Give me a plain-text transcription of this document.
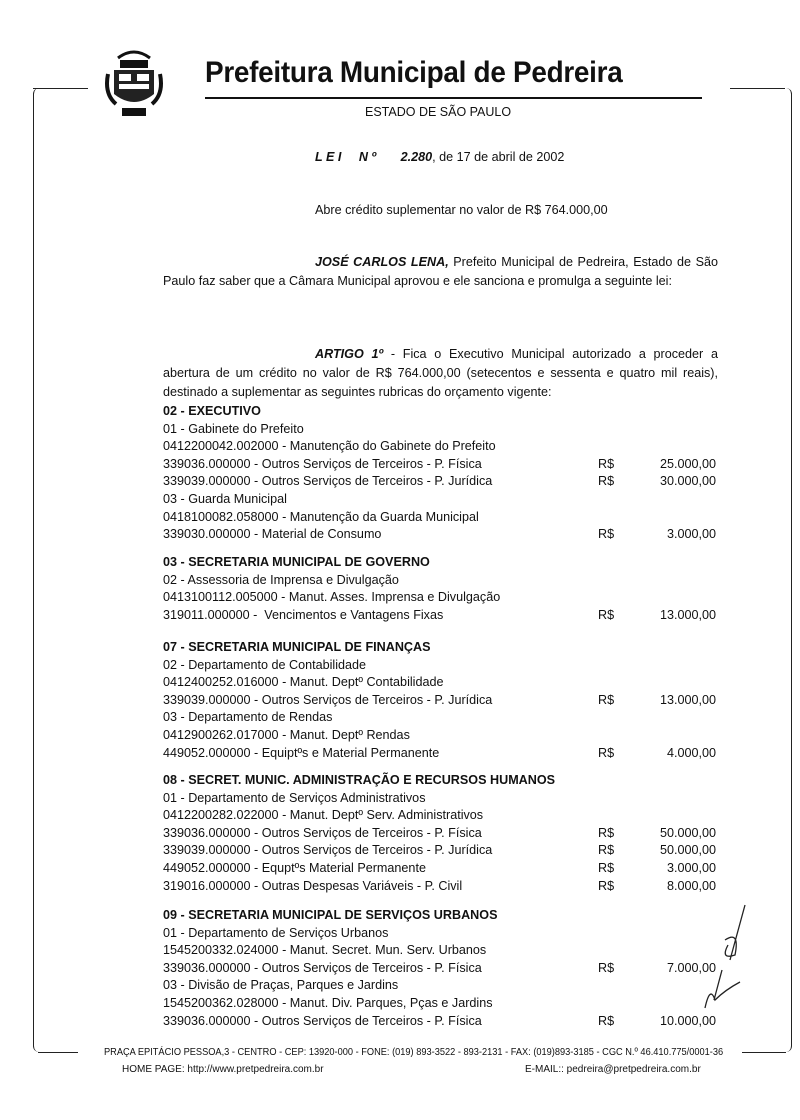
Prefeitura Municipal de Pedreira
ESTADO DE SÃO PAULO
L E I     N º 2.280, de 17 de abril de 2002
Abre crédito suplementar no valor de R$ 764.000,00
JOSÉ CARLOS LENA, Prefeito Municipal de Pedreira, Estado de São Paulo faz saber que a Câmara Municipal aprovou e ele sanciona e promulga a seguinte lei:
ARTIGO 1º - Fica o Executivo Municipal autorizado a proceder a abertura de um crédito no valor de R$ 764.000,00 (setecentos e sessenta e quatro mil reais), destinado a suplementar as seguintes rubricas do orçamento vigente:
02 - EXECUTIVO
01 - Gabinete do Prefeito
0412200042.002000 - Manutenção do Gabinete do Prefeito
339036.000000 - Outros Serviços de Terceiros - P. Física	R$	25.000,00
339039.000000 - Outros Serviços de Terceiros - P. Jurídica	R$	30.000,00
03 - Guarda Municipal
0418100082.058000 - Manutenção da Guarda Municipal
339030.000000 - Material de Consumo	R$	3.000,00
03 - SECRETARIA MUNICIPAL DE GOVERNO
02 - Assessoria de Imprensa e Divulgação
0413100112.005000 - Manut. Asses. Imprensa e Divulgação
319011.000000 -  Vencimentos e Vantagens Fixas	R$	13.000,00
07 - SECRETARIA MUNICIPAL DE FINANÇAS
02 - Departamento de Contabilidade
0412400252.016000 - Manut. Deptº Contabilidade
339039.000000 - Outros Serviços de Terceiros - P. Jurídica	R$	13.000,00
03 - Departamento de Rendas
0412900262.017000 - Manut. Deptº Rendas
449052.000000 - Equiptºs e Material Permanente	R$	4.000,00
08 - SECRET. MUNIC. ADMINISTRAÇÃO E RECURSOS HUMANOS
01 - Departamento de Serviços Administrativos
0412200282.022000 - Manut. Deptº Serv. Administrativos
339036.000000 - Outros Serviços de Terceiros - P. Física	R$	50.000,00
339039.000000 - Outros Serviços de Terceiros - P. Jurídica	R$	50.000,00
449052.000000 - Equptºs Material Permanente	R$	3.000,00
319016.000000 - Outras Despesas Variáveis - P. Civil	R$	8.000,00
09 - SECRETARIA MUNICIPAL DE SERVIÇOS URBANOS
01 - Departamento de Serviços Urbanos
1545200332.024000 - Manut. Secret. Mun. Serv. Urbanos
339036.000000 - Outros Serviços de Terceiros - P. Física	R$	7.000,00
03 - Divisão de Praças, Parques e Jardins
1545200362.028000 - Manut. Div. Parques, Pças e Jardins
339036.000000 - Outros Serviços de Terceiros - P. Física	R$	10.000,00
PRAÇA EPITÁCIO PESSOA,3 - CENTRO - CEP: 13920-000 - FONE: (019) 893-3522 - 893-2131 - FAX: (019)893-3185 - CGC N.º 46.410.775/0001-36
HOME PAGE: http://www.pretpedreira.com.br	E-MAIL:: pedreira@pretpedreira.com.br
